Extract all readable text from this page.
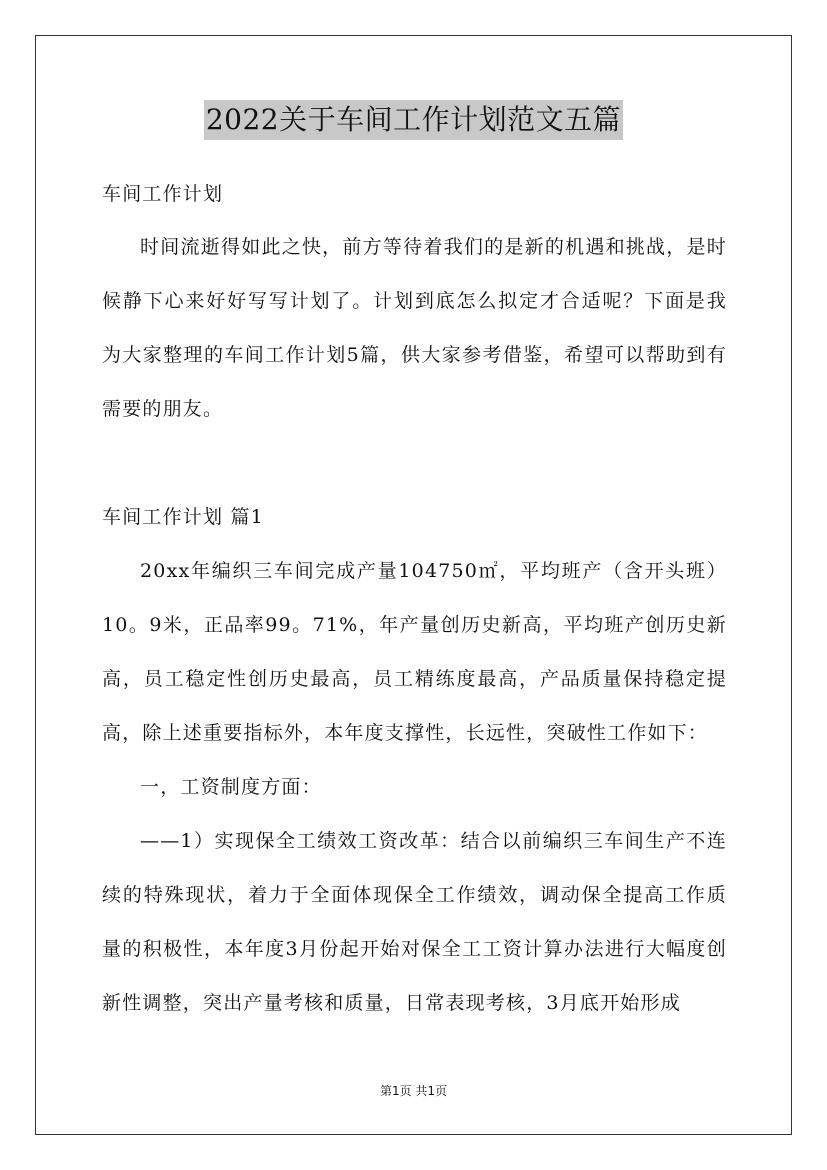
2022关于车间工作计划范文五篇

车间工作计划

时间流逝得如此之快，前方等待着我们的是新的机遇和挑战，是时候静下心来好好写写计划了。计划到底怎么拟定才合适呢？下面是我为大家整理的车间工作计划5篇，供大家参考借鉴，希望可以帮助到有需要的朋友。

车间工作计划 篇1

20xx年编织三车间完成产量104750㎡，平均班产（含开头班）10。9米，正品率99。71%，年产量创历史新高，平均班产创历史新高，员工稳定性创历史最高，员工精练度最高，产品质量保持稳定提高，除上述重要指标外，本年度支撑性，长远性，突破性工作如下：

一，工资制度方面：

——1）实现保全工绩效工资改革：结合以前编织三车间生产不连续的特殊现状，着力于全面体现保全工作绩效，调动保全提高工作质量的积极性，本年度3月份起开始对保全工工资计算办法进行大幅度创新性调整，突出产量考核和质量，日常表现考核，3月底开始形成

第1页 共1页
